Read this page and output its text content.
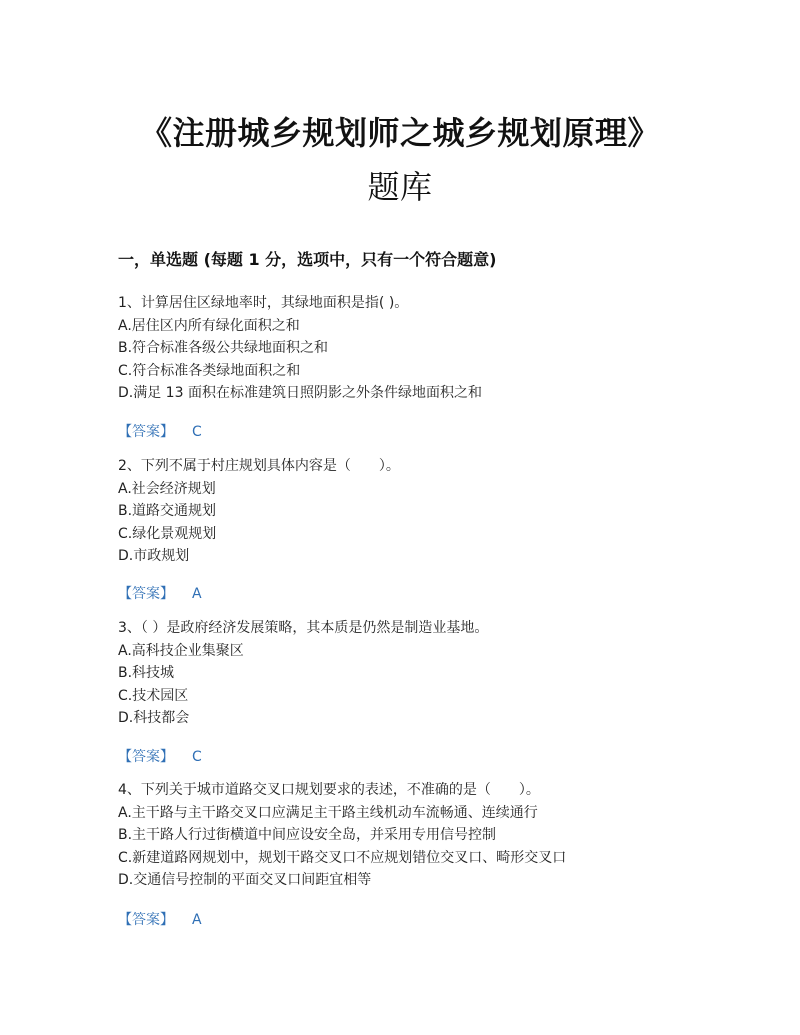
《注册城乡规划师之城乡规划原理》
题库
一，单选题 (每题 1 分，选项中，只有一个符合题意)
1、计算居住区绿地率时，其绿地面积是指( )。
A.居住区内所有绿化面积之和
B.符合标准各级公共绿地面积之和
C.符合标准各类绿地面积之和
D.满足 13 面积在标准建筑日照阴影之外条件绿地面积之和
【答案】 C
2、下列不属于村庄规划具体内容是（　　）。
A.社会经济规划
B.道路交通规划
C.绿化景观规划
D.市政规划
【答案】 A
3、（ ）是政府经济发展策略，其本质是仍然是制造业基地。
A.高科技企业集聚区
B.科技城
C.技术园区
D.科技都会
【答案】 C
4、下列关于城市道路交叉口规划要求的表述，不准确的是（　　）。
A.主干路与主干路交叉口应满足主干路主线机动车流畅通、连续通行
B.主干路人行过街横道中间应设安全岛，并采用专用信号控制
C.新建道路网规划中，规划干路交叉口不应规划错位交叉口、畸形交叉口
D.交通信号控制的平面交叉口间距宜相等
【答案】 A
